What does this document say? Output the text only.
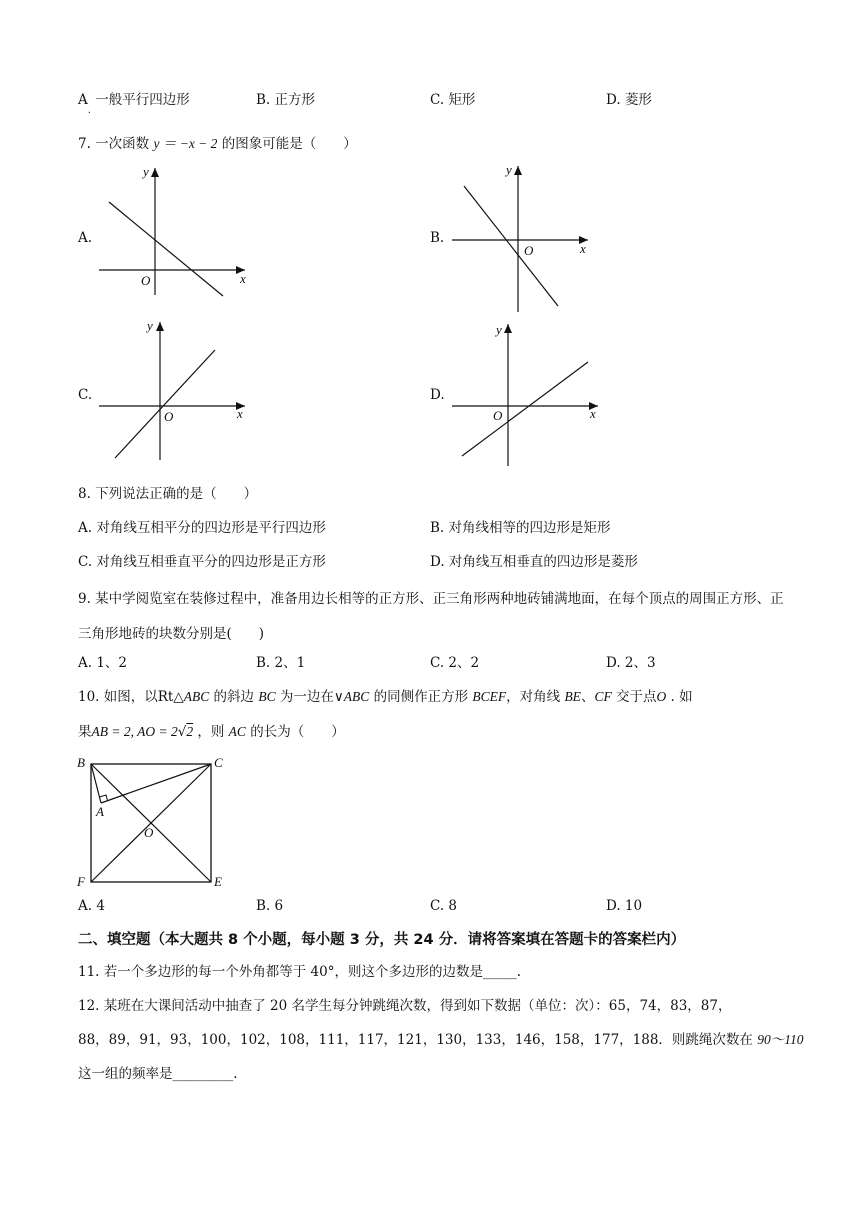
$A_.$ 一般平行四边形	B. 正方形	C. 矩形	D. 菱形
7. 一次函数 y ＝ −x − 2 的图象可能是（　　）
A.	B.
C.	D.
y
x
O
y
x
O
y
x
O
y
x
O
8. 下列说法正确的是（　　）
A. 对角线互相平分的四边形是平行四边形	B. 对角线相等的四边形是矩形
C. 对角线互相垂直平分的四边形是正方形	D. 对角线互相垂直的四边形是菱形
9. 某中学阅览室在装修过程中，准备用边长相等的正方形、正三角形两种地砖铺满地面，在每个顶点的周围正方形、正三角形地砖的块数分别是(　　)
A. 1、2	B. 2、1	C. 2、2	D. 2、3
10. 如图，以Rt△ABC 的斜边 BC 为一边在∨ABC 的同侧作正方形 BCEF，对角线 BE、CF 交于点O . 如
果AB = 2, AO = 2√2 ，则 AC 的长为（　　）
B	C
A
O
F	E
A. 4	B. 6	C. 8	D. 10
二、填空题（本大题共 8 个小题，每小题 3 分，共 24 分．请将答案填在答题卡的答案栏内）
11. 若一个多边形的每一个外角都等于 40°，则这个多边形的边数是_____.
12. 某班在大课间活动中抽查了 20 名学生每分钟跳绳次数，得到如下数据（单位：次）：65，74，83，87，
88，89，91，93，100，102，108，111，117，121，130，133，146，158，177，188．则跳绳次数在 90～110
这一组的频率是_________.
